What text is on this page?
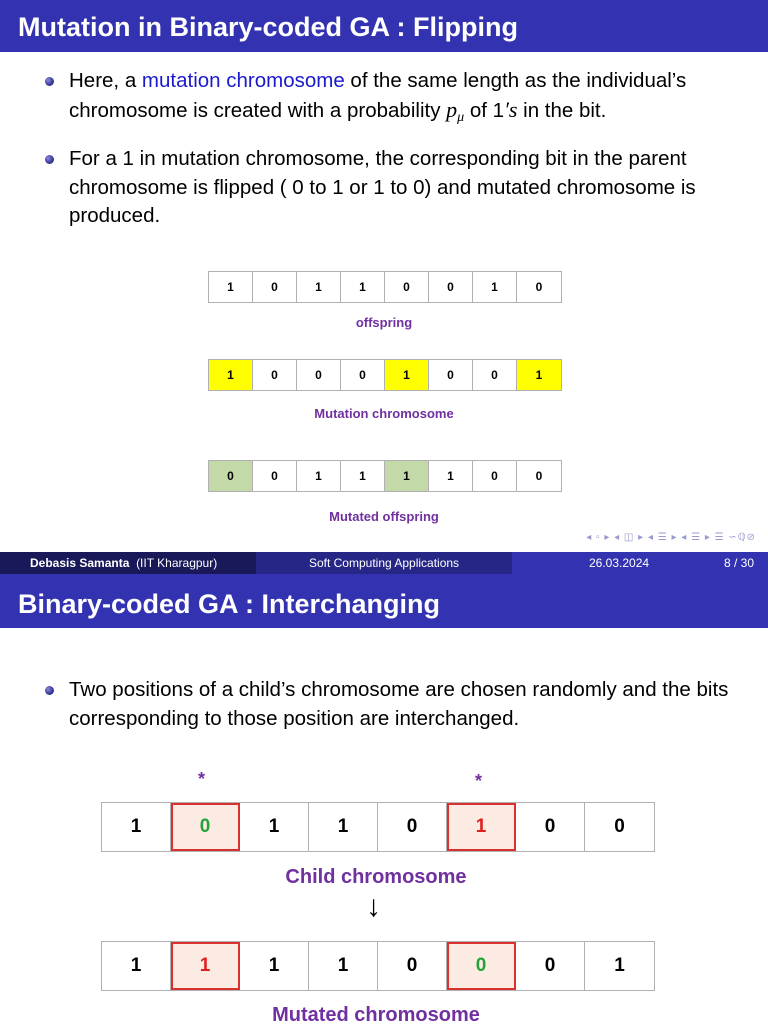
Mutation in Binary-coded GA : Flipping
Here, a mutation chromosome of the same length as the individual’s chromosome is created with a probability $p_\mu$ of 1′s in the bit.
For a 1 in mutation chromosome, the corresponding bit in the parent chromosome is flipped ( 0 to 1 or 1 to 0) and mutated chromosome is produced.
1	0	1	1	0	0	1	0
offspring
1	0	0	0	1	0	0	1
Mutation chromosome
0	0	1	1	1	1	0	0
Mutated offspring
◂ ▫ ▸ ◂ ◫ ▸ ◂ ☰ ▸ ◂ ☰ ▸ ☰ ∽ℚ⊘
Debasis Samanta
(IIT Kharagpur)	Soft Computing Applications	26.03.2024	8 / 30
Binary-coded GA : Interchanging
Two positions of a child’s chromosome are chosen randomly and the bits corresponding to those position are interchanged.
*	*
1	0	1	1	0	1	0	0
Child chromosome
↓
1	1	1	1	0	0	0	1
Mutated chromosome
